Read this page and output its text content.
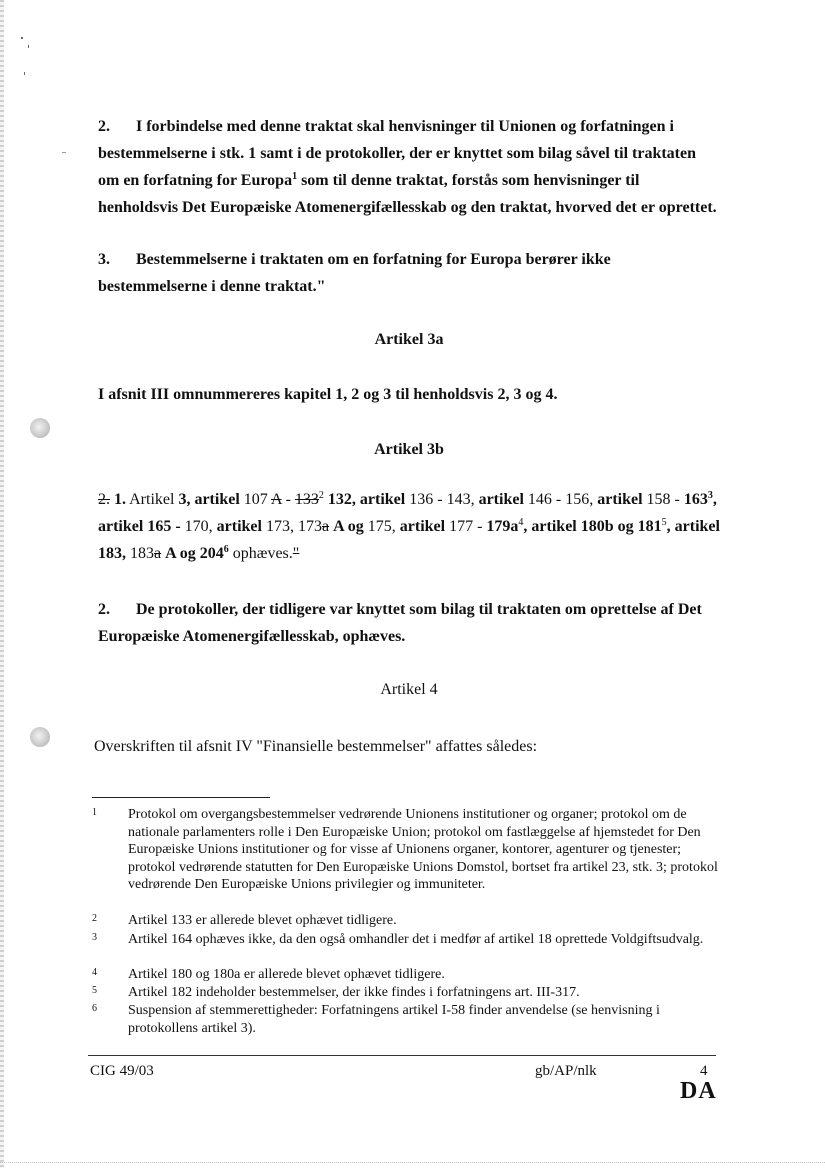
2. I forbindelse med denne traktat skal henvisninger til Unionen og forfatningen i bestemmelserne i stk. 1 samt i de protokoller, der er knyttet som bilag såvel til traktaten om en forfatning for Europa$^1$ som til denne traktat, forstås som henvisninger til henholdsvis Det Europæiske Atomenergifællesskab og den traktat, hvorved det er oprettet.

3. Bestemmelserne i traktaten om en forfatning for Europa berører ikke bestemmelserne i denne traktat."

Artikel 3a

I afsnit III omnummereres kapitel 1, 2 og 3 til henholdsvis 2, 3 og 4.

Artikel 3b

2. 1. Artikel 3, artikel 107 A - $133^2$ 132, artikel 136 - 143, artikel 146 - 156, artikel $158 - 163^3$, artikel 165 - 170, artikel 173, 173a A og 175, artikel $177 - 179a^4$, artikel 180b og $181^5$, artikel 183, 183a A og $204^6$ ophæves."

2. De protokoller, der tidligere var knyttet som bilag til traktaten om oprettelse af Det Europæiske Atomenergifællesskab, ophæves.

Artikel 4

Overskriften til afsnit IV "Finansielle bestemmelser" affattes således:

1 Protokol om overgangsbestemmelser vedrørende Unionens institutioner og organer; protokol om de nationale parlamenters rolle i Den Europæiske Union; protokol om fastlæggelse af hjemstedet for Den Europæiske Unions institutioner og for visse af Unionens organer, kontorer, agenturer og tjenester; protokol vedrørende statutten for Den Europæiske Unions Domstol, bortset fra artikel 23, stk. 3; protokol vedrørende Den Europæiske Unions privilegier og immuniteter.
2 Artikel 133 er allerede blevet ophævet tidligere.
3 Artikel 164 ophæves ikke, da den også omhandler det i medfør af artikel 18 oprettede Voldgiftsudvalg.
4 Artikel 180 og 180a er allerede blevet ophævet tidligere.
5 Artikel 182 indeholder bestemmelser, der ikke findes i forfatningens art. III-317.
6 Suspension af stemmerettigheder: Forfatningens artikel I-58 finder anvendelse (se henvisning i protokollens artikel 3).
CIG 49/03	gb/AP/nlk	4
DA
